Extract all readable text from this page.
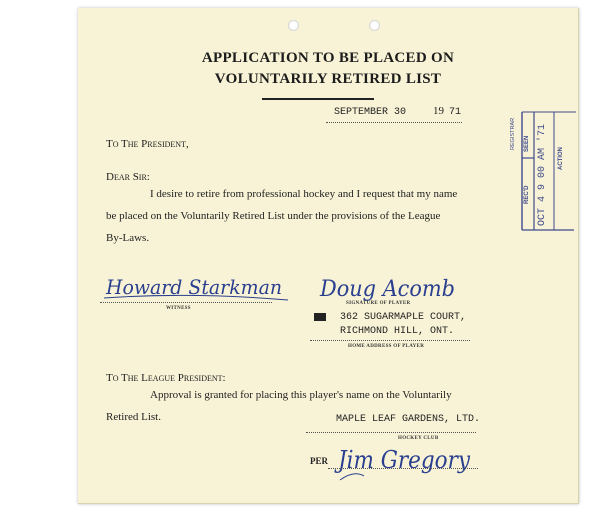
APPLICATION TO BE PLACED ON
VOLUNTARILY RETIRED LIST
SEPTEMBER 30 19 71
To The President,
Dear Sir:
I desire to retire from professional hockey and I request that my name
be placed on the Voluntarily Retired List under the provisions of the League
By-Laws.
REGISTRAR SEEN
REC'D OCT 4 9 00 AM '71 ACTION
Howard Starkman
WITNESS
Doug Acomb
SIGNATURE OF PLAYER
362 SUGARMAPLE COURT,
RICHMOND HILL, ONT.
HOME ADDRESS OF PLAYER
To The League President:
Approval is granted for placing this player's name on the Voluntarily
Retired List.	MAPLE LEAF GARDENS, LTD.
HOCKEY CLUB
PER Jim Gregory
